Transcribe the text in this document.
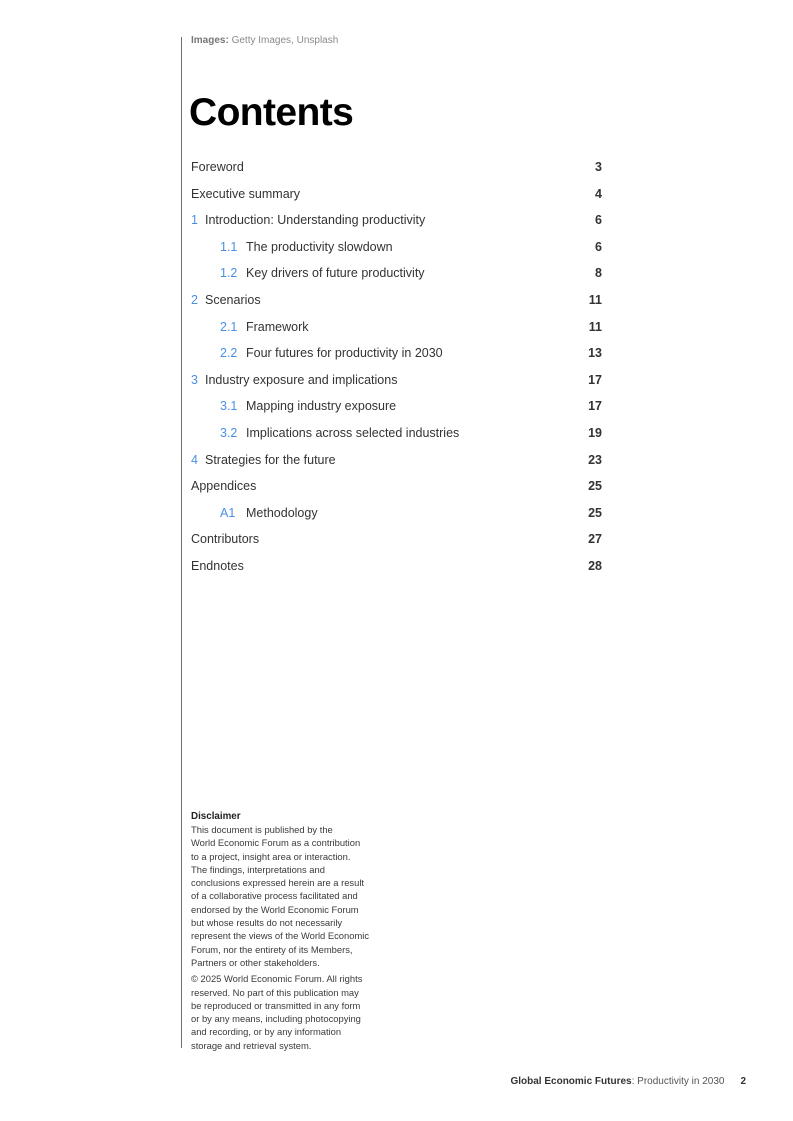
Images: Getty Images, Unsplash
Contents
Foreword	3
Executive summary	4
1 Introduction: Understanding productivity	6
1.1 The productivity slowdown	6
1.2 Key drivers of future productivity	8
2 Scenarios	11
2.1 Framework	11
2.2 Four futures for productivity in 2030	13
3 Industry exposure and implications	17
3.1 Mapping industry exposure	17
3.2 Implications across selected industries	19
4 Strategies for the future	23
Appendices	25
A1 Methodology	25
Contributors	27
Endnotes	28
Disclaimer

This document is published by the
World Economic Forum as a contribution
to a project, insight area or interaction.
The findings, interpretations and
conclusions expressed herein are a result
of a collaborative process facilitated and
endorsed by the World Economic Forum
but whose results do not necessarily
represent the views of the World Economic
Forum, nor the entirety of its Members,
Partners or other stakeholders.

© 2025 World Economic Forum. All rights
reserved. No part of this publication may
be reproduced or transmitted in any form
or by any means, including photocopying
and recording, or by any information
storage and retrieval system.

Global Economic Futures: Productivity in 2030 2
